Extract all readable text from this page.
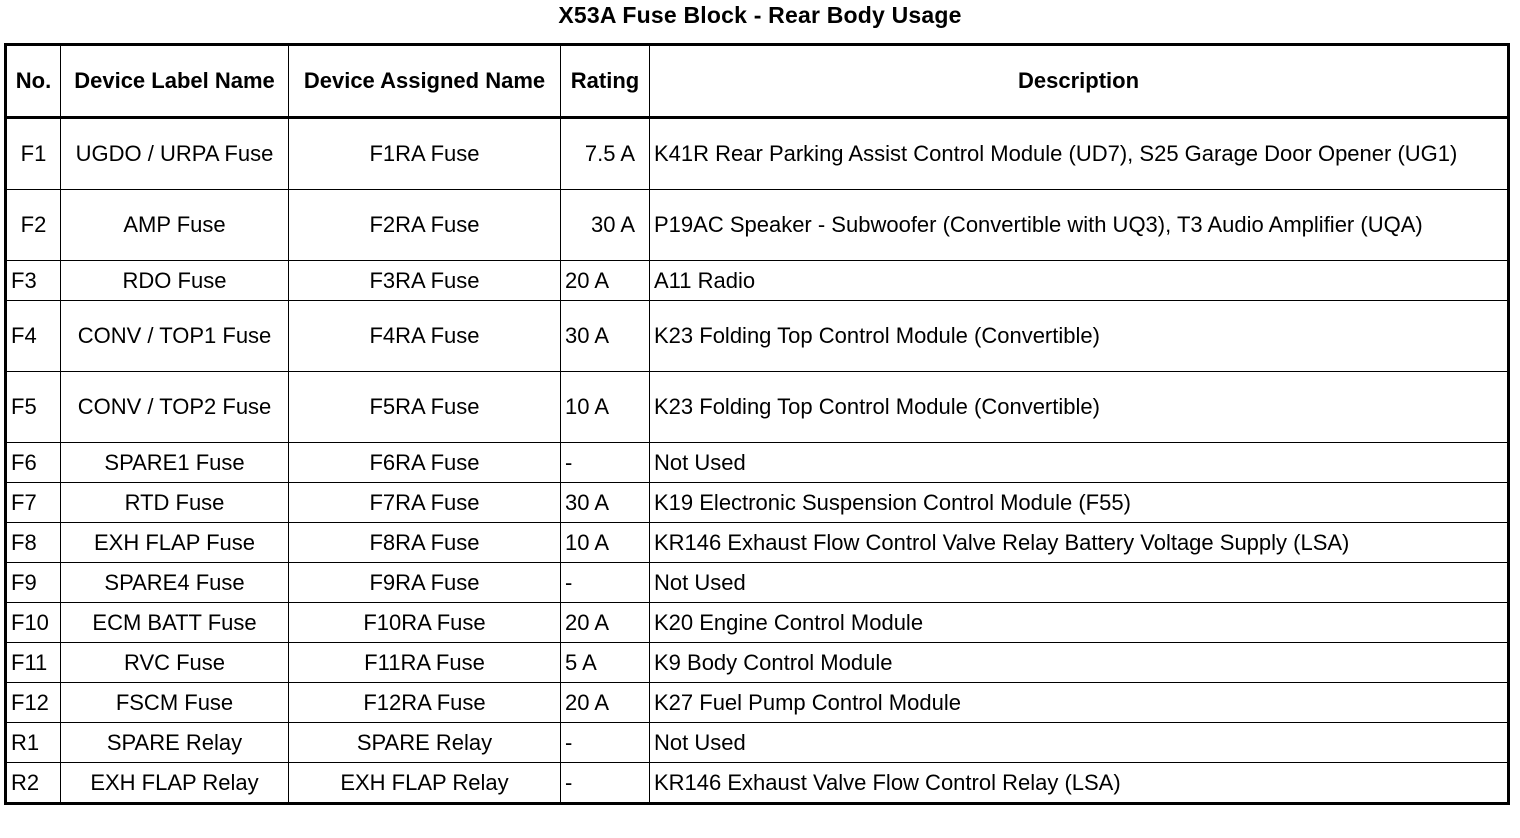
X53A Fuse Block - Rear Body Usage
No.	Device Label Name	Device Assigned Name	Rating	Description
F1	UGDO / URPA Fuse	F1RA Fuse	7.5 A	K41R Rear Parking Assist Control Module (UD7), S25 Garage Door Opener (UG1)
F2	AMP Fuse	F2RA Fuse	30 A	P19AC Speaker - Subwoofer (Convertible with UQ3), T3 Audio Amplifier (UQA)
F3	RDO Fuse	F3RA Fuse	20 A	A11 Radio
F4	CONV / TOP1 Fuse	F4RA Fuse	30 A	K23 Folding Top Control Module (Convertible)
F5	CONV / TOP2 Fuse	F5RA Fuse	10 A	K23 Folding Top Control Module (Convertible)
F6	SPARE1 Fuse	F6RA Fuse	-	Not Used
F7	RTD Fuse	F7RA Fuse	30 A	K19 Electronic Suspension Control Module (F55)
F8	EXH FLAP Fuse	F8RA Fuse	10 A	KR146 Exhaust Flow Control Valve Relay Battery Voltage Supply (LSA)
F9	SPARE4 Fuse	F9RA Fuse	-	Not Used
F10	ECM BATT Fuse	F10RA Fuse	20 A	K20 Engine Control Module
F11	RVC Fuse	F11RA Fuse	5 A	K9 Body Control Module
F12	FSCM Fuse	F12RA Fuse	20 A	K27 Fuel Pump Control Module
R1	SPARE Relay	SPARE Relay	-	Not Used
R2	EXH FLAP Relay	EXH FLAP Relay	-	KR146 Exhaust Valve Flow Control Relay (LSA)
